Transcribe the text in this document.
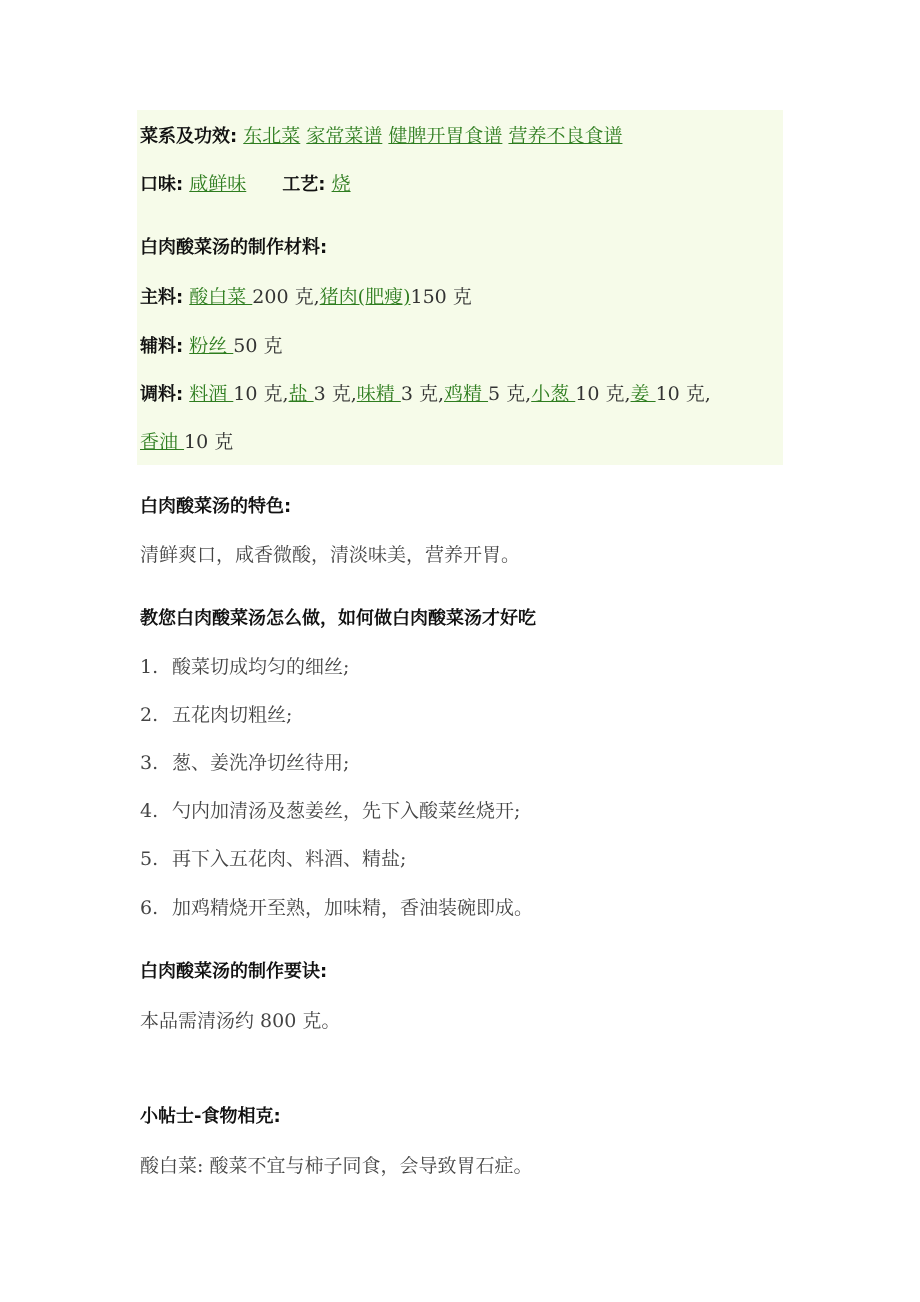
菜系及功效: 东北菜 家常菜谱 健脾开胃食谱 营养不良食谱
口味: 咸鲜味 工艺: 烧
白肉酸菜汤的制作材料:
主料: 酸白菜 200 克,猪肉(肥瘦)150 克
辅料: 粉丝 50 克
调料: 料酒 10 克,盐 3 克,味精 3 克,鸡精 5 克,小葱 10 克,姜 10 克,
香油 10 克
白肉酸菜汤的特色:
清鲜爽口，咸香微酸，清淡味美，营养开胃。
教您白肉酸菜汤怎么做，如何做白肉酸菜汤才好吃
1. 酸菜切成均匀的细丝;
2. 五花肉切粗丝;
3. 葱、姜洗净切丝待用;
4. 勺内加清汤及葱姜丝，先下入酸菜丝烧开;
5. 再下入五花肉、料酒、精盐;
6. 加鸡精烧开至熟，加味精，香油装碗即成。
白肉酸菜汤的制作要诀:
本品需清汤约 800 克。
小帖士-食物相克:
酸白菜: 酸菜不宜与柿子同食，会导致胃石症。
